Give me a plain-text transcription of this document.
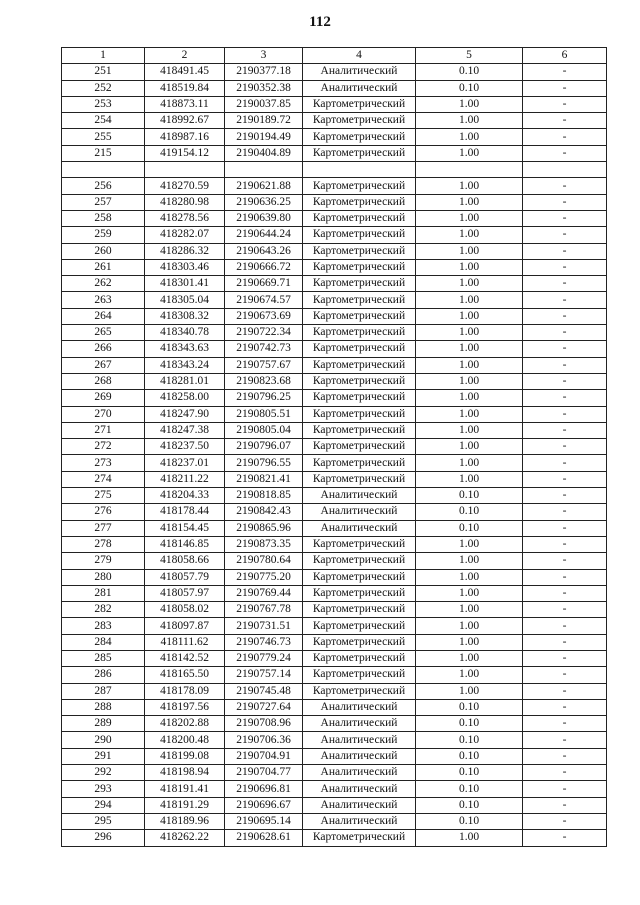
112
1	2	3	4	5	6
251	418491.45	2190377.18	Аналитический	0.10	-
252	418519.84	2190352.38	Аналитический	0.10	-
253	418873.11	2190037.85	Картометрический	1.00	-
254	418992.67	2190189.72	Картометрический	1.00	-
255	418987.16	2190194.49	Картометрический	1.00	-
215	419154.12	2190404.89	Картометрический	1.00	-

256	418270.59	2190621.88	Картометрический	1.00	-
257	418280.98	2190636.25	Картометрический	1.00	-
258	418278.56	2190639.80	Картометрический	1.00	-
259	418282.07	2190644.24	Картометрический	1.00	-
260	418286.32	2190643.26	Картометрический	1.00	-
261	418303.46	2190666.72	Картометрический	1.00	-
262	418301.41	2190669.71	Картометрический	1.00	-
263	418305.04	2190674.57	Картометрический	1.00	-
264	418308.32	2190673.69	Картометрический	1.00	-
265	418340.78	2190722.34	Картометрический	1.00	-
266	418343.63	2190742.73	Картометрический	1.00	-
267	418343.24	2190757.67	Картометрический	1.00	-
268	418281.01	2190823.68	Картометрический	1.00	-
269	418258.00	2190796.25	Картометрический	1.00	-
270	418247.90	2190805.51	Картометрический	1.00	-
271	418247.38	2190805.04	Картометрический	1.00	-
272	418237.50	2190796.07	Картометрический	1.00	-
273	418237.01	2190796.55	Картометрический	1.00	-
274	418211.22	2190821.41	Картометрический	1.00	-
275	418204.33	2190818.85	Аналитический	0.10	-
276	418178.44	2190842.43	Аналитический	0.10	-
277	418154.45	2190865.96	Аналитический	0.10	-
278	418146.85	2190873.35	Картометрический	1.00	-
279	418058.66	2190780.64	Картометрический	1.00	-
280	418057.79	2190775.20	Картометрический	1.00	-
281	418057.97	2190769.44	Картометрический	1.00	-
282	418058.02	2190767.78	Картометрический	1.00	-
283	418097.87	2190731.51	Картометрический	1.00	-
284	418111.62	2190746.73	Картометрический	1.00	-
285	418142.52	2190779.24	Картометрический	1.00	-
286	418165.50	2190757.14	Картометрический	1.00	-
287	418178.09	2190745.48	Картометрический	1.00	-
288	418197.56	2190727.64	Аналитический	0.10	-
289	418202.88	2190708.96	Аналитический	0.10	-
290	418200.48	2190706.36	Аналитический	0.10	-
291	418199.08	2190704.91	Аналитический	0.10	-
292	418198.94	2190704.77	Аналитический	0.10	-
293	418191.41	2190696.81	Аналитический	0.10	-
294	418191.29	2190696.67	Аналитический	0.10	-
295	418189.96	2190695.14	Аналитический	0.10	-
296	418262.22	2190628.61	Картометрический	1.00	-
